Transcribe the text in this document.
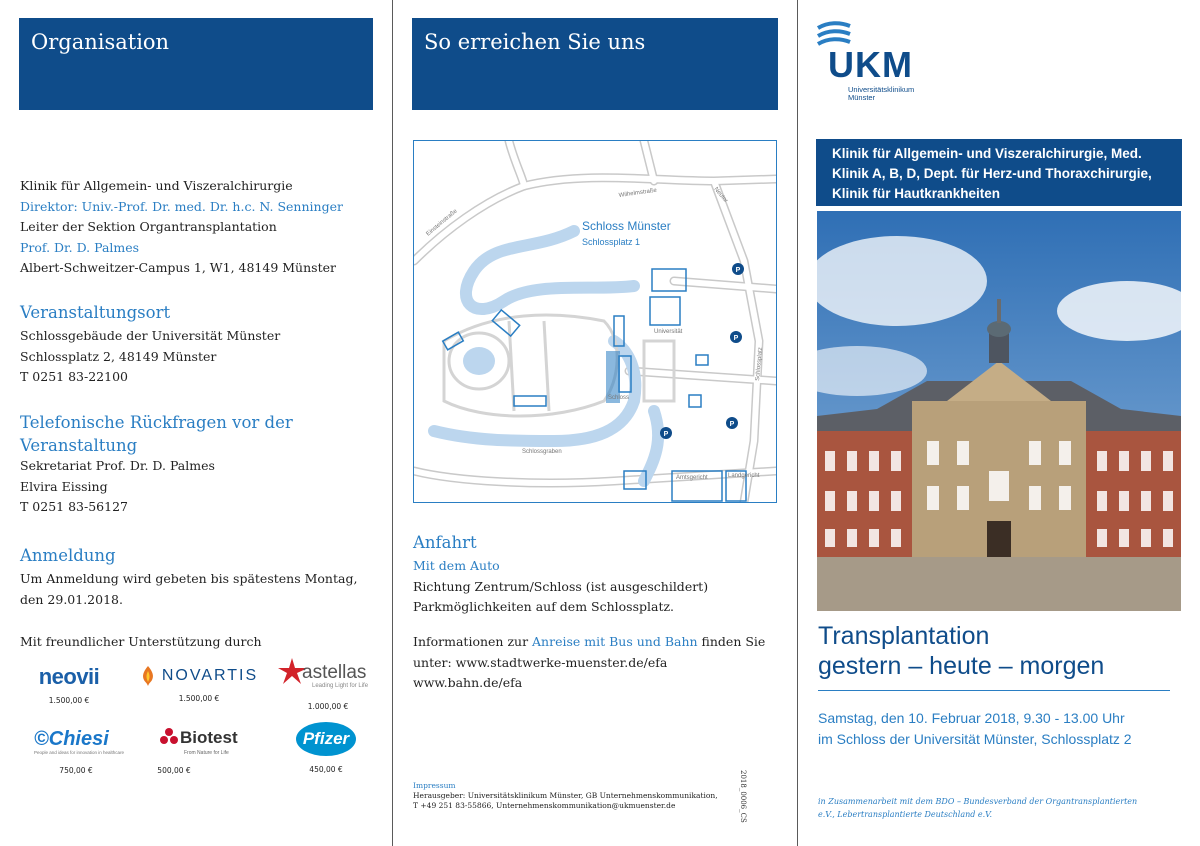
Organisation
Klinik für Allgemein- und Viszeralchirurgie
Direktor: Univ.-Prof. Dr. med. Dr. h.c. N. Senninger
Leiter der Sektion Organtransplantation
Prof. Dr. D. Palmes
Albert-Schweitzer-Campus 1, W1, 48149 Münster
Veranstaltungsort
Schlossgebäude der Universität Münster
Schlossplatz 2, 48149 Münster
T 0251 83-22100
Telefonische Rückfragen vor der
Veranstaltung
Sekretariat Prof. Dr. D. Palmes
Elvira Eissing
T 0251 83-56127
Anmeldung
Um Anmeldung wird gebeten bis spätestens Montag,
den 29.01.2018.
Mit freundlicher Unterstützung durch
neovii
1.500,00 €
NOVARTIS
1.500,00 €
astellas
Leading Light for Life
1.000,00 €
©Chiesi
People and ideas for innovation in healthcare
750,00 €
Biotest
From Nature for Life
500,00 €
Pfizer
450,00 €
So erreichen Sie uns
P
P
P
P
Einsteinstraße
Wilhelmstraße	Neutor
Schlossgraben
Schlossplatz
Universität
Schloss
Amtsgericht	Landgericht
Schloss Münster
Schlossplatz 1
Anfahrt
Mit dem Auto
Richtung Zentrum/Schloss (ist ausgeschildert)
Parkmöglichkeiten auf dem Schlossplatz.
Informationen zur Anreise mit Bus und Bahn finden Sie
unter: www.stadtwerke-muenster.de/efa
www.bahn.de/efa
Impressum
Herausgeber: Universitätsklinikum Münster, GB Unternehmenskommunikation,
T +49 251 83-55866, Unternehmenskommunikation@ukmuenster.de	2018_0006_CS
UKM
Universitätsklinikum
Münster
Klinik für Allgemein- und Viszeralchirurgie, Med.
Klinik A, B, D, Dept. für Herz-und Thoraxchirurgie,
Klinik für Hautkrankheiten
Transplantation
gestern – heute – morgen
Samstag, den 10. Februar 2018, 9.30 - 13.00 Uhr
im Schloss der Universität Münster, Schlossplatz 2
in Zusammenarbeit mit dem BDO – Bundesverband der Organtransplantierten
e.V., Lebertransplantierte Deutschland e.V.
